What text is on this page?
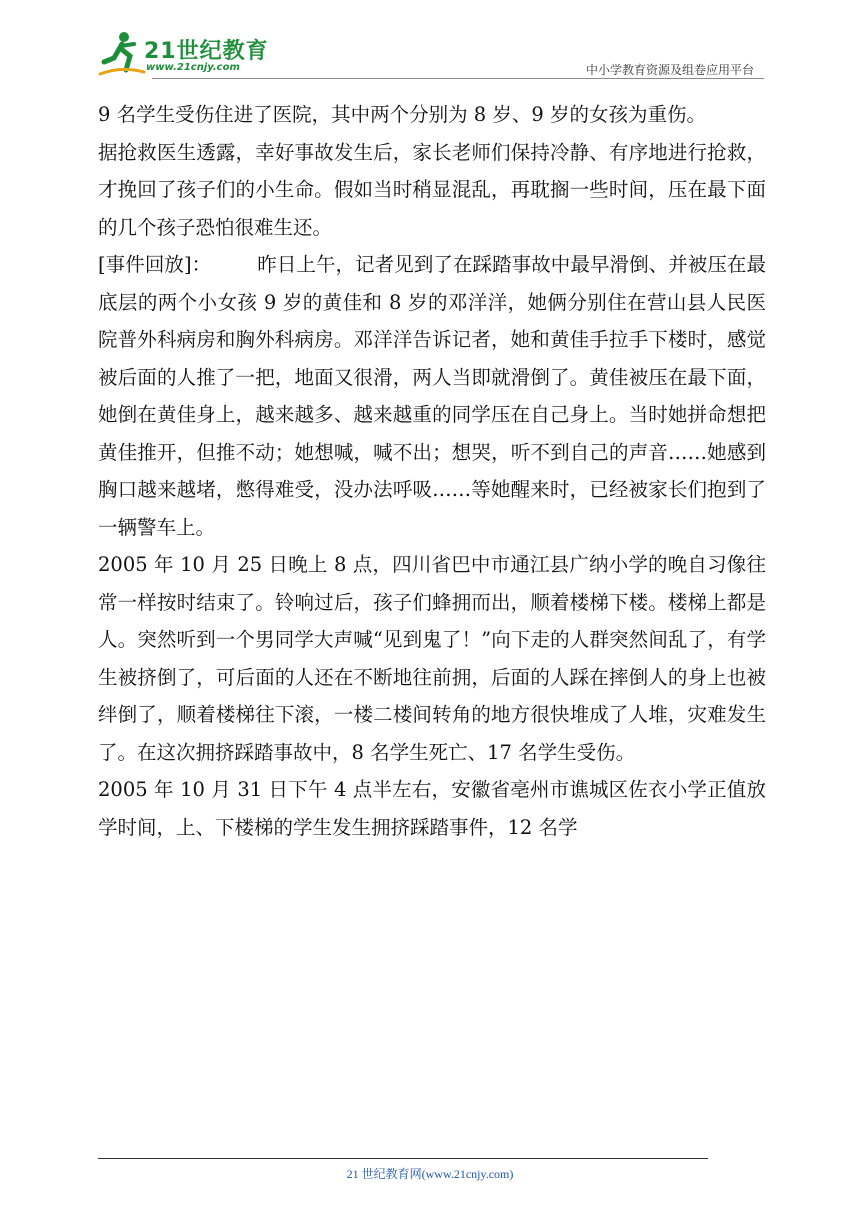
21世纪教育
www.21cnjy.com	中小学教育资源及组卷应用平台

9 名学生受伤住进了医院，其中两个分别为 8 岁、9 岁的女孩为重伤。

据抢救医生透露，幸好事故发生后，家长老师们保持冷静、有序地进行抢救，才挽回了孩子们的小生命。假如当时稍显混乱，再耽搁一些时间，压在最下面的几个孩子恐怕很难生还。

[事件回放]： 昨日上午，记者见到了在踩踏事故中最早滑倒、并被压在最底层的两个小女孩 9 岁的黄佳和 8 岁的邓洋洋，她俩分别住在营山县人民医院普外科病房和胸外科病房。邓洋洋告诉记者，她和黄佳手拉手下楼时，感觉被后面的人推了一把，地面又很滑，两人当即就滑倒了。黄佳被压在最下面，她倒在黄佳身上，越来越多、越来越重的同学压在自己身上。当时她拼命想把黄佳推开，但推不动；她想喊，喊不出；想哭，听不到自己的声音……她感到胸口越来越堵，憋得难受，没办法呼吸……等她醒来时，已经被家长们抱到了一辆警车上。

2005 年 10 月 25 日晚上 8 点，四川省巴中市通江县广纳小学的晚自习像往常一样按时结束了。铃响过后，孩子们蜂拥而出，顺着楼梯下楼。楼梯上都是人。突然听到一个男同学大声喊“见到鬼了！”向下走的人群突然间乱了，有学生被挤倒了，可后面的人还在不断地往前拥，后面的人踩在摔倒人的身上也被绊倒了，顺着楼梯往下滚，一楼二楼间转角的地方很快堆成了人堆，灾难发生了。在这次拥挤踩踏事故中，8 名学生死亡、17 名学生受伤。

2005 年 10 月 31 日下午 4 点半左右，安徽省亳州市谯城区佐衣小学正值放学时间，上、下楼梯的学生发生拥挤踩踏事件，12 名学

21 世纪教育网(www.21cnjy.com)
